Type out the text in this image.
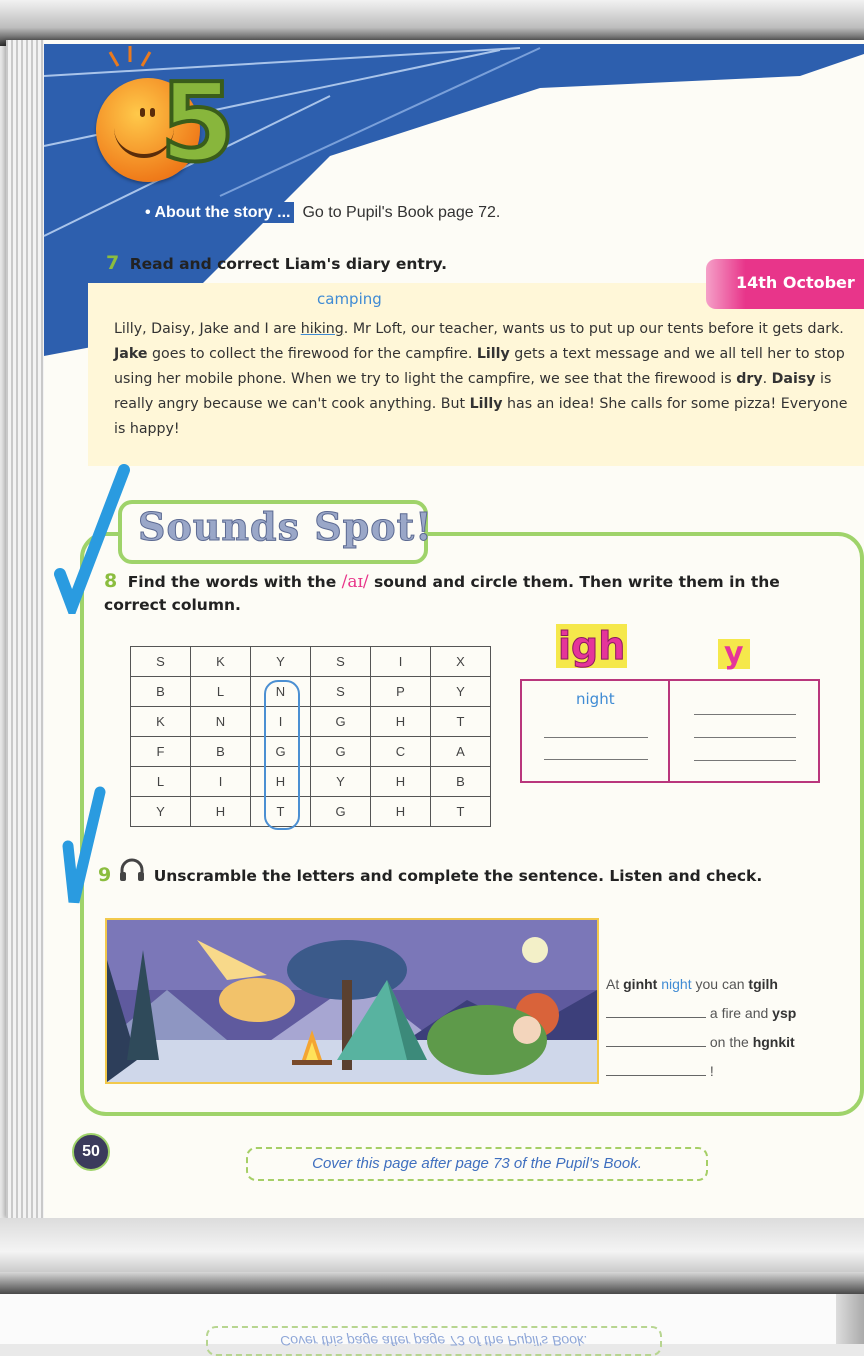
5
• About the story ... Go to Pupil's Book page 72.
7 Read and correct Liam's diary entry.
14th October
camping
Lilly, Daisy, Jake and I are hiking. Mr Loft, our teacher, wants us to put up our tents before it gets dark. Jake goes to collect the firewood for the campfire. Lilly gets a text message and we all tell her to stop using her mobile phone. When we try to light the campfire, we see that the firewood is dry. Daisy is really angry because we can't cook anything. But Lilly has an idea! She calls for some pizza! Everyone is happy!
Sounds Spot!
8 Find the words with the /aɪ/ sound and circle them. Then write them in the correct column.
S	K	Y	S	I	X
B	L	N	S	P	Y
K	N	I	G	H	T
F	B	G	G	C	A
L	I	H	Y	H	B
Y	H	T	G	H	T
igh	y
night
9	Unscramble the letters and complete the sentence. Listen and check.
At ginht night you can tgilh
a fire and ysp
on the hgnkit
!
50
Cover this page after page 73 of the Pupil's Book.
Cover this page after page 73 of the Pupil's Book.
